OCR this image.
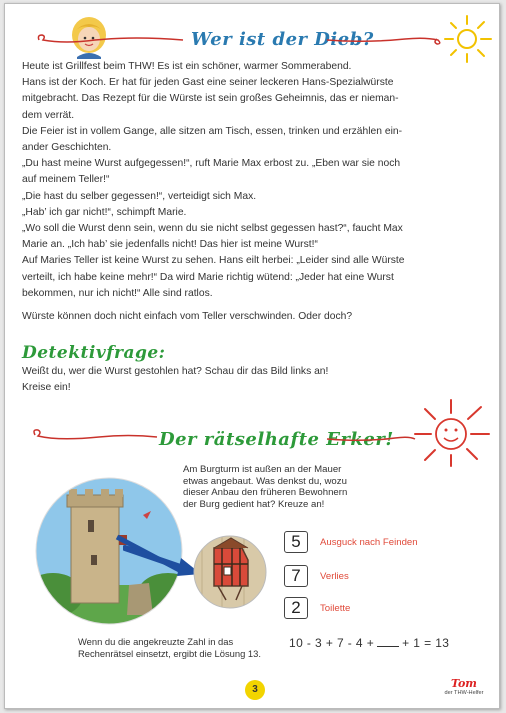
Wer ist der Dieb?

Heute ist Grillfest beim THW! Es ist ein schöner, warmer Sommerabend.

Hans ist der Koch. Er hat für jeden Gast eine seiner leckeren Hans-Spezialwürste

mitgebracht. Das Rezept für die Würste ist sein großes Geheimnis, das er nieman-

dem verrät.

Die Feier ist in vollem Gange, alle sitzen am Tisch, essen, trinken und erzählen ein-

ander Geschichten.

„Du hast meine Wurst aufgegessen!“, ruft Marie Max erbost zu. „Eben war sie noch

auf meinem Teller!“

„Die hast du selber gegessen!“, verteidigt sich Max.

„Hab’ ich gar nicht!“, schimpft Marie.

„Wo soll die Wurst denn sein, wenn du sie nicht selbst gegessen hast?“, faucht Max

Marie an. „Ich hab’ sie jedenfalls nicht! Das hier ist meine Wurst!“

Auf Maries Teller ist keine Wurst zu sehen. Hans eilt herbei: „Leider sind alle Würste

verteilt, ich habe keine mehr!“ Da wird Marie richtig wütend: „Jeder hat eine Wurst

bekommen, nur ich nicht!“ Alle sind ratlos.

Würste können doch nicht einfach vom Teller verschwinden. Oder doch?

Detektivfrage:

Weißt du, wer die Wurst gestohlen hat? Schau dir das Bild links an!

Kreise ein!

Der rätselhafte Erker!
Am Burgturm ist außen an der Mauer etwas angebaut. Was denkst du, wozu dieser Anbau den früheren Bewohnern der Burg gedient hat? Kreuze an!
5	Ausguck nach Feinden
7	Verlies
2	Toilette
Wenn du die angekreuzte Zahl in das Rechenrätsel einsetzt, ergibt die Lösung 13.
10 - 3 + 7 - 4 + + 1 = 13
3	Tom
der THW-Helfer
